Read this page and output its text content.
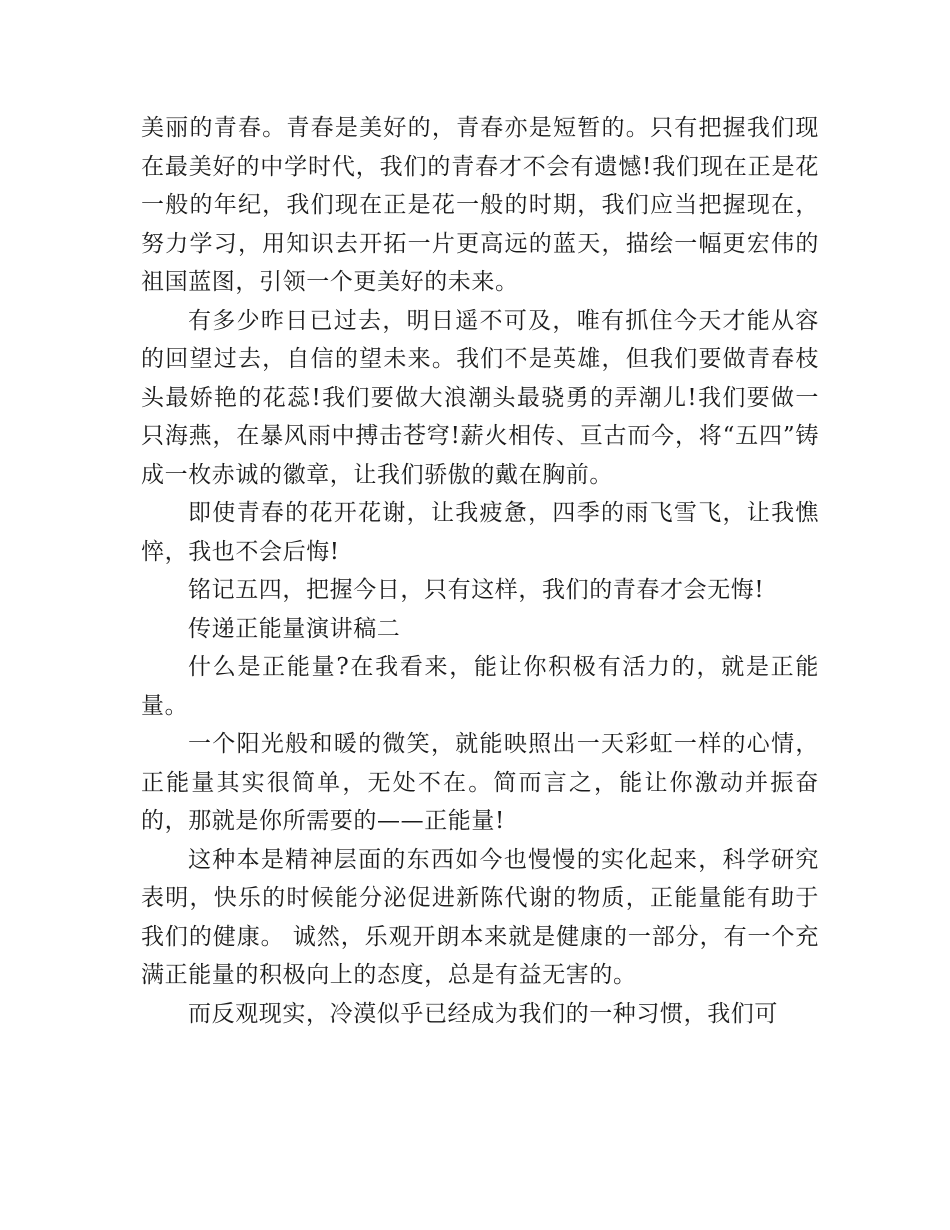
美丽的青春。青春是美好的，青春亦是短暂的。只有把握我们现在最美好的中学时代，我们的青春才不会有遗憾!我们现在正是花一般的年纪，我们现在正是花一般的时期，我们应当把握现在，努力学习，用知识去开拓一片更高远的蓝天，描绘一幅更宏伟的祖国蓝图，引领一个更美好的未来。

有多少昨日已过去，明日遥不可及，唯有抓住今天才能从容的回望过去，自信的望未来。我们不是英雄，但我们要做青春枝头最娇艳的花蕊!我们要做大浪潮头最骁勇的弄潮儿!我们要做一只海燕，在暴风雨中搏击苍穹!薪火相传、亘古而今，将“五四”铸成一枚赤诚的徽章，让我们骄傲的戴在胸前。

即使青春的花开花谢，让我疲惫，四季的雨飞雪飞，让我憔悴，我也不会后悔!

铭记五四，把握今日，只有这样，我们的青春才会无悔!

传递正能量演讲稿二

什么是正能量?在我看来，能让你积极有活力的，就是正能量。

一个阳光般和暖的微笑，就能映照出一天彩虹一样的心情，正能量其实很简单，无处不在。简而言之，能让你激动并振奋的，那就是你所需要的——正能量!

这种本是精神层面的东西如今也慢慢的实化起来，科学研究表明，快乐的时候能分泌促进新陈代谢的物质，正能量能有助于我们的健康。 诚然，乐观开朗本来就是健康的一部分，有一个充满正能量的积极向上的态度，总是有益无害的。

而反观现实，冷漠似乎已经成为我们的一种习惯，我们可
